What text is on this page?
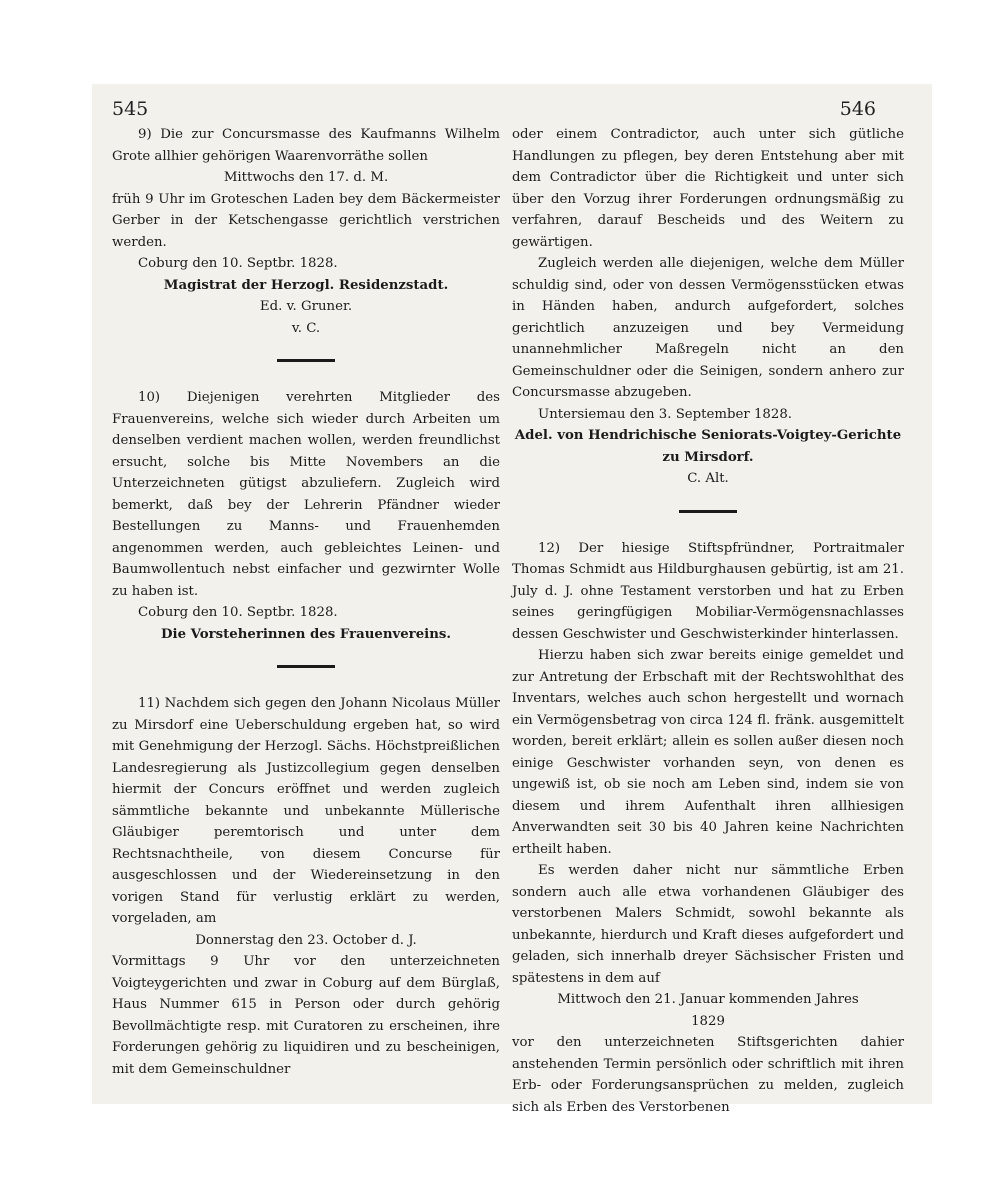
545	546

9) Die zur Concursmasse des Kaufmanns Wilhelm Grote allhier gehörigen Waarenvorräthe sollen

Mittwochs den 17. d. M.

früh 9 Uhr im Groteschen Laden bey dem Bäckermeister Gerber in der Ketschengasse gerichtlich verstrichen werden.

Coburg den 10. Septbr. 1828.

Magistrat der Herzogl. Residenzstadt.

Ed. v. Gruner.

v. C.

10) Diejenigen verehrten Mitglieder des Frauenvereins, welche sich wieder durch Arbeiten um denselben verdient machen wollen, werden freundlichst ersucht, solche bis Mitte Novembers an die Unterzeichneten gütigst abzuliefern. Zugleich wird bemerkt, daß bey der Lehrerin Pfändner wieder Bestellungen zu Manns- und Frauenhemden angenommen werden, auch gebleichtes Leinen- und Baumwollentuch nebst einfacher und gezwirnter Wolle zu haben ist.

Coburg den 10. Septbr. 1828.

Die Vorsteherinnen des Frauenvereins.

11) Nachdem sich gegen den Johann Nicolaus Müller zu Mirsdorf eine Ueberschuldung ergeben hat, so wird mit Genehmigung der Herzogl. Sächs. Höchstpreißlichen Landesregierung als Justizcollegium gegen denselben hiermit der Concurs eröffnet und werden zugleich sämmtliche bekannte und unbekannte Müllerische Gläubiger peremtorisch und unter dem Rechtsnachtheile, von diesem Concurse für ausgeschlossen und der Wiedereinsetzung in den vorigen Stand für verlustig erklärt zu werden, vorgeladen, am

Donnerstag den 23. October d. J.

Vormittags 9 Uhr vor den unterzeichneten Voigteygerichten und zwar in Coburg auf dem Bürglaß, Haus Nummer 615 in Person oder durch gehörig Bevollmächtigte resp. mit Curatoren zu erscheinen, ihre Forderungen gehörig zu liquidiren und zu bescheinigen, mit dem Gemeinschuldner

oder einem Contradictor, auch unter sich gütliche Handlungen zu pflegen, bey deren Entstehung aber mit dem Contradictor über die Richtigkeit und unter sich über den Vorzug ihrer Forderungen ordnungsmäßig zu verfahren, darauf Bescheids und des Weitern zu gewärtigen.

Zugleich werden alle diejenigen, welche dem Müller schuldig sind, oder von dessen Vermögensstücken etwas in Händen haben, andurch aufgefordert, solches gerichtlich anzuzeigen und bey Vermeidung unannehmlicher Maßregeln nicht an den Gemeinschuldner oder die Seinigen, sondern anhero zur Concursmasse abzugeben.

Untersiemau den 3. September 1828.

Adel. von Hendrichische Seniorats-Voigtey-Gerichte zu Mirsdorf.

C. Alt.

12) Der hiesige Stiftspfründner, Portraitmaler Thomas Schmidt aus Hildburghausen gebürtig, ist am 21. July d. J. ohne Testament verstorben und hat zu Erben seines geringfügigen Mobiliar-Vermögensnachlasses dessen Geschwister und Geschwisterkinder hinterlassen.

Hierzu haben sich zwar bereits einige gemeldet und zur Antretung der Erbschaft mit der Rechtswohlthat des Inventars, welches auch schon hergestellt und wornach ein Vermögensbetrag von circa 124 fl. fränk. ausgemittelt worden, bereit erklärt; allein es sollen außer diesen noch einige Geschwister vorhanden seyn, von denen es ungewiß ist, ob sie noch am Leben sind, indem sie von diesem und ihrem Aufenthalt ihren allhiesigen Anverwandten seit 30 bis 40 Jahren keine Nachrichten ertheilt haben.

Es werden daher nicht nur sämmtliche Erben sondern auch alle etwa vorhandenen Gläubiger des verstorbenen Malers Schmidt, sowohl bekannte als unbekannte, hierdurch und Kraft dieses aufgefordert und geladen, sich innerhalb dreyer Sächsischer Fristen und spätestens in dem auf

Mittwoch den 21. Januar kommenden Jahres

1829

vor den unterzeichneten Stiftsgerichten dahier anstehenden Termin persönlich oder schriftlich mit ihren Erb- oder Forderungsansprüchen zu melden, zugleich sich als Erben des Verstorbenen
